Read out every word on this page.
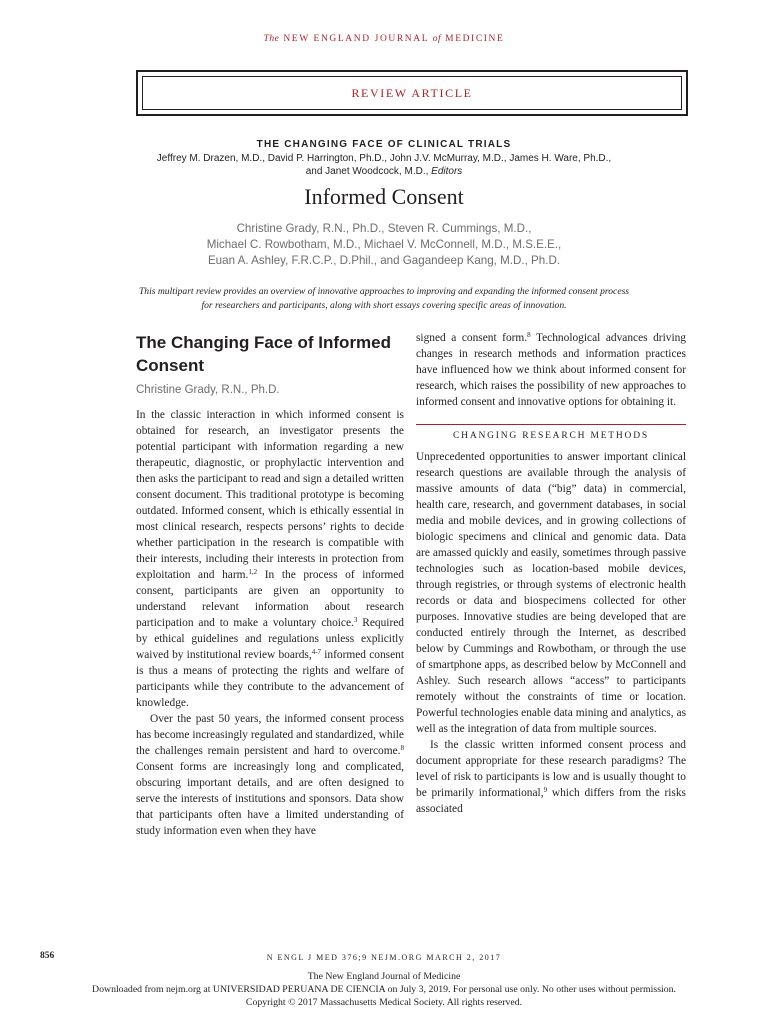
The NEW ENGLAND JOURNAL of MEDICINE
REVIEW ARTICLE
THE CHANGING FACE OF CLINICAL TRIALS
Jeffrey M. Drazen, M.D., David P. Harrington, Ph.D., John J.V. McMurray, M.D., James H. Ware, Ph.D.,
and Janet Woodcock, M.D., Editors
Informed Consent
Christine Grady, R.N., Ph.D., Steven R. Cummings, M.D.,
Michael C. Rowbotham, M.D., Michael V. McConnell, M.D., M.S.E.E.,
Euan A. Ashley, F.R.C.P., D.Phil., and Gagandeep Kang, M.D., Ph.D.
This multipart review provides an overview of innovative approaches to improving and expanding the informed consent process
for researchers and participants, along with short essays covering specific areas of innovation.
The Changing Face of Informed Consent
Christine Grady, R.N., Ph.D.

In the classic interaction in which informed consent is obtained for research, an investigator presents the potential participant with information regarding a new therapeutic, diagnostic, or prophylactic intervention and then asks the participant to read and sign a detailed written consent document. This traditional prototype is becoming outdated. Informed consent, which is ethically essential in most clinical research, respects persons’ rights to decide whether participation in the research is compatible with their interests, including their interests in protection from exploitation and harm.$^{1,2}$ In the process of informed consent, participants are given an opportunity to understand relevant information about research participation and to make a voluntary choice.$^3$ Required by ethical guidelines and regulations unless explicitly waived by institutional review boards,$^{4-7}$ informed consent is thus a means of protecting the rights and welfare of participants while they contribute to the advancement of knowledge.

Over the past 50 years, the informed consent process has become increasingly regulated and standardized, while the challenges remain persistent and hard to overcome.$^8$ Consent forms are increasingly long and complicated, obscuring important details, and are often designed to serve the interests of institutions and sponsors. Data show that participants often have a limited understanding of study information even when they have

signed a consent form.$^8$ Technological advances driving changes in research methods and information practices have influenced how we think about informed consent for research, which raises the possibility of new approaches to informed consent and innovative options for obtaining it.

CHANGING RESEARCH METHODS

Unprecedented opportunities to answer important clinical research questions are available through the analysis of massive amounts of data (“big” data) in commercial, health care, research, and government databases, in social media and mobile devices, and in growing collections of biologic specimens and clinical and genomic data. Data are amassed quickly and easily, sometimes through passive technologies such as location-based mobile devices, through registries, or through systems of electronic health records or data and biospecimens collected for other purposes. Innovative studies are being developed that are conducted entirely through the Internet, as described below by Cummings and Rowbotham, or through the use of smartphone apps, as described below by McConnell and Ashley. Such research allows “access” to participants remotely without the constraints of time or location. Powerful technologies enable data mining and analytics, as well as the integration of data from multiple sources.

Is the classic written informed consent process and document appropriate for these research paradigms? The level of risk to participants is low and is usually thought to be primarily informational,$^9$ which differs from the risks associated

856	N ENGL J MED 376;9 NEJM.ORG MARCH 2, 2017
The New England Journal of Medicine
Downloaded from nejm.org at UNIVERSIDAD PERUANA DE CIENCIA on July 3, 2019. For personal use only. No other uses without permission.
Copyright © 2017 Massachusetts Medical Society. All rights reserved.
